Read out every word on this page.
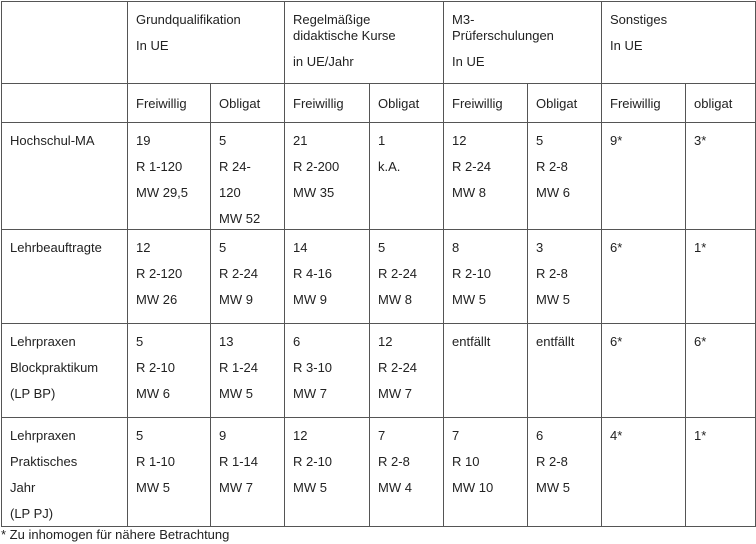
	Grundqualifikation
In UE		Regelmäßige
didaktische Kurse
in UE/Jahr		M3-
Prüferschulungen
In UE		Sonstiges
In UE	

	Freiwillig	Obligat	Freiwillig	Obligat	Freiwillig	Obligat	Freiwillig	obligat

Hochschul-MA	19
R 1-120
MW 29,5	5
R 24-
120
MW 52	21
R 2-200
MW 35	1
k.A.	12
R 2-24
MW 8	5
R 2-8
MW 6	9*	3*

Lehrbeauftragte	12
R 2-120
MW 26	5
R 2-24
MW 9	14
R 4-16
MW 9	5
R 2-24
MW 8	8
R 2-10
MW 5	3
R 2-8
MW 5	6*	1*

Lehrpraxen
Blockpraktikum
(LP BP)	5
R 2-10
MW 6	13
R 1-24
MW 5	6
R 3-10
MW 7	12
R 2-24
MW 7	entfällt	entfällt	6*	6*

Lehrpraxen
Praktisches
Jahr
(LP PJ)	5
R 1-10
MW 5	9
R 1-14
MW 7	12
R 2-10
MW 5	7
R 2-8
MW 4	7
R 10
MW 10	6
R 2-8
MW 5	4*	1*
* Zu inhomogen für nähere Betrachtung
